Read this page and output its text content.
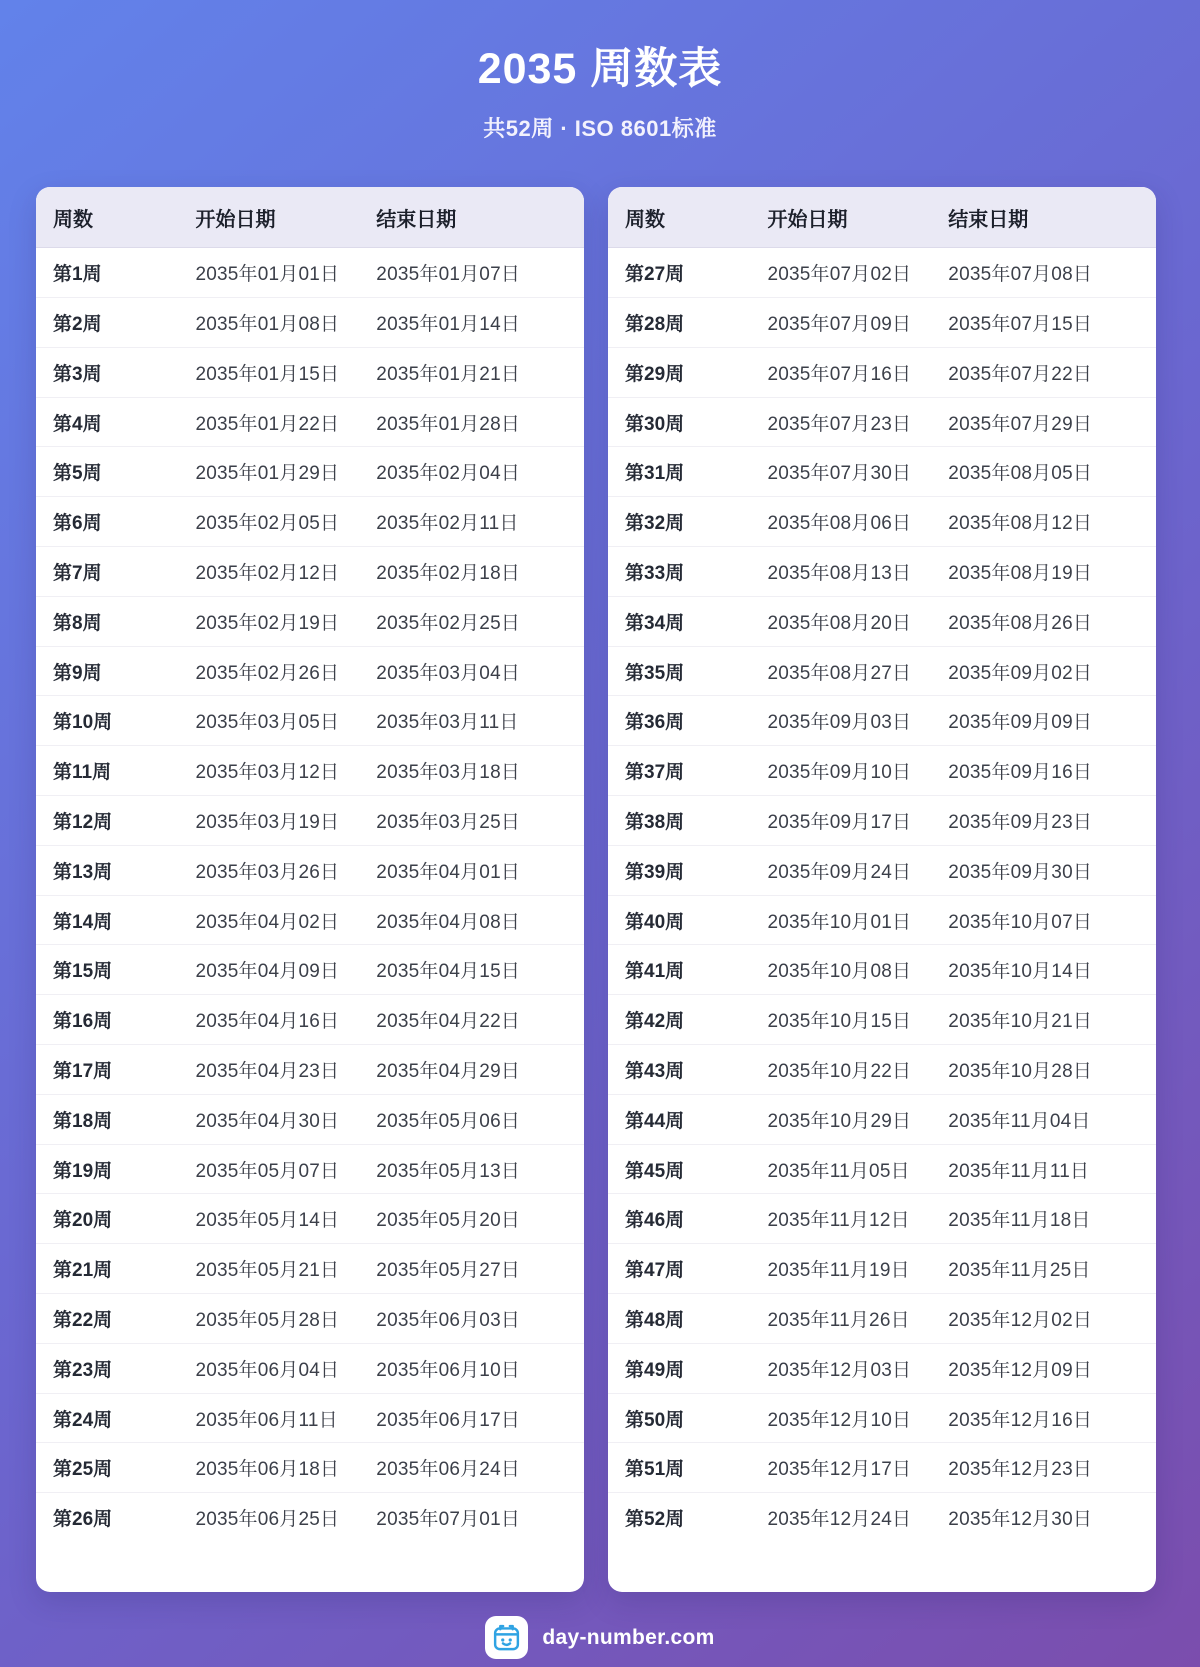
2035 周数表
共52周 · ISO 8601标准
周数	开始日期	结束日期
第1周	2035年01月01日	2035年01月07日
第2周	2035年01月08日	2035年01月14日
第3周	2035年01月15日	2035年01月21日
第4周	2035年01月22日	2035年01月28日
第5周	2035年01月29日	2035年02月04日
第6周	2035年02月05日	2035年02月11日
第7周	2035年02月12日	2035年02月18日
第8周	2035年02月19日	2035年02月25日
第9周	2035年02月26日	2035年03月04日
第10周	2035年03月05日	2035年03月11日
第11周	2035年03月12日	2035年03月18日
第12周	2035年03月19日	2035年03月25日
第13周	2035年03月26日	2035年04月01日
第14周	2035年04月02日	2035年04月08日
第15周	2035年04月09日	2035年04月15日
第16周	2035年04月16日	2035年04月22日
第17周	2035年04月23日	2035年04月29日
第18周	2035年04月30日	2035年05月06日
第19周	2035年05月07日	2035年05月13日
第20周	2035年05月14日	2035年05月20日
第21周	2035年05月21日	2035年05月27日
第22周	2035年05月28日	2035年06月03日
第23周	2035年06月04日	2035年06月10日
第24周	2035年06月11日	2035年06月17日
第25周	2035年06月18日	2035年06月24日
第26周	2035年06月25日	2035年07月01日
周数	开始日期	结束日期
第27周	2035年07月02日	2035年07月08日
第28周	2035年07月09日	2035年07月15日
第29周	2035年07月16日	2035年07月22日
第30周	2035年07月23日	2035年07月29日
第31周	2035年07月30日	2035年08月05日
第32周	2035年08月06日	2035年08月12日
第33周	2035年08月13日	2035年08月19日
第34周	2035年08月20日	2035年08月26日
第35周	2035年08月27日	2035年09月02日
第36周	2035年09月03日	2035年09月09日
第37周	2035年09月10日	2035年09月16日
第38周	2035年09月17日	2035年09月23日
第39周	2035年09月24日	2035年09月30日
第40周	2035年10月01日	2035年10月07日
第41周	2035年10月08日	2035年10月14日
第42周	2035年10月15日	2035年10月21日
第43周	2035年10月22日	2035年10月28日
第44周	2035年10月29日	2035年11月04日
第45周	2035年11月05日	2035年11月11日
第46周	2035年11月12日	2035年11月18日
第47周	2035年11月19日	2035年11月25日
第48周	2035年11月26日	2035年12月02日
第49周	2035年12月03日	2035年12月09日
第50周	2035年12月10日	2035年12月16日
第51周	2035年12月17日	2035年12月23日
第52周	2035年12月24日	2035年12月30日
day-number.com
